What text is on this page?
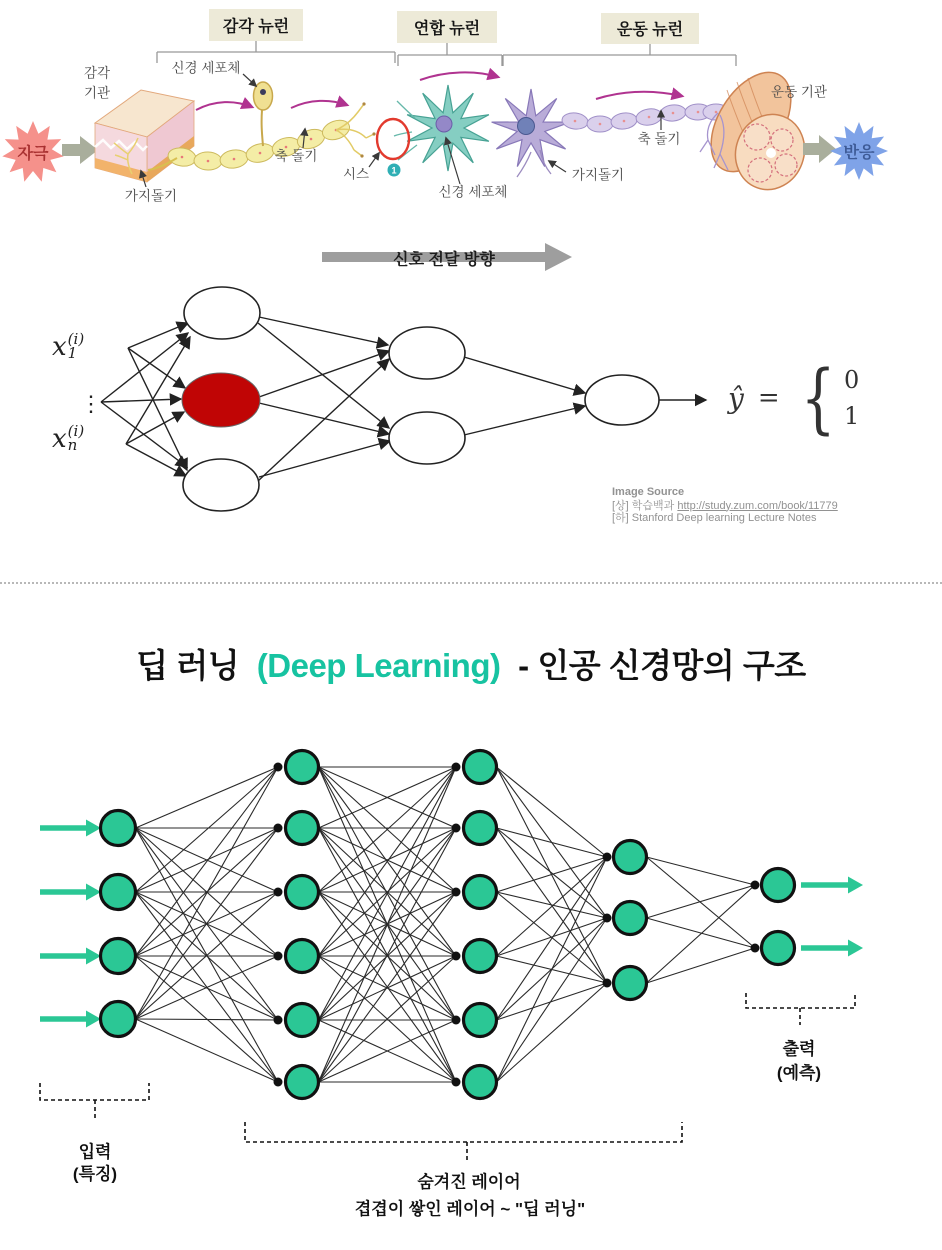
1
감각 뉴런	연합 뉴런	운동 뉴런
자극	반응
감각
기관
신경 세포체
가지돌기
축 돌기
시스
신경 세포체
가지돌기
축 돌기
운동 기관
신호 전달 방향
x (i)
1
⋮
x (i)
n
ŷ = { 0
1
Image Source
[상] 학습백과 http://study.zum.com/book/11779
[하] Stanford Deep learning Lecture Notes
딥 러닝 (Deep Learning) - 인공 신경망의 구조
입력
(특징)	숨겨진 레이어
겹겹이 쌓인 레이어 ~ "딥 러닝"
출력
(예측)
